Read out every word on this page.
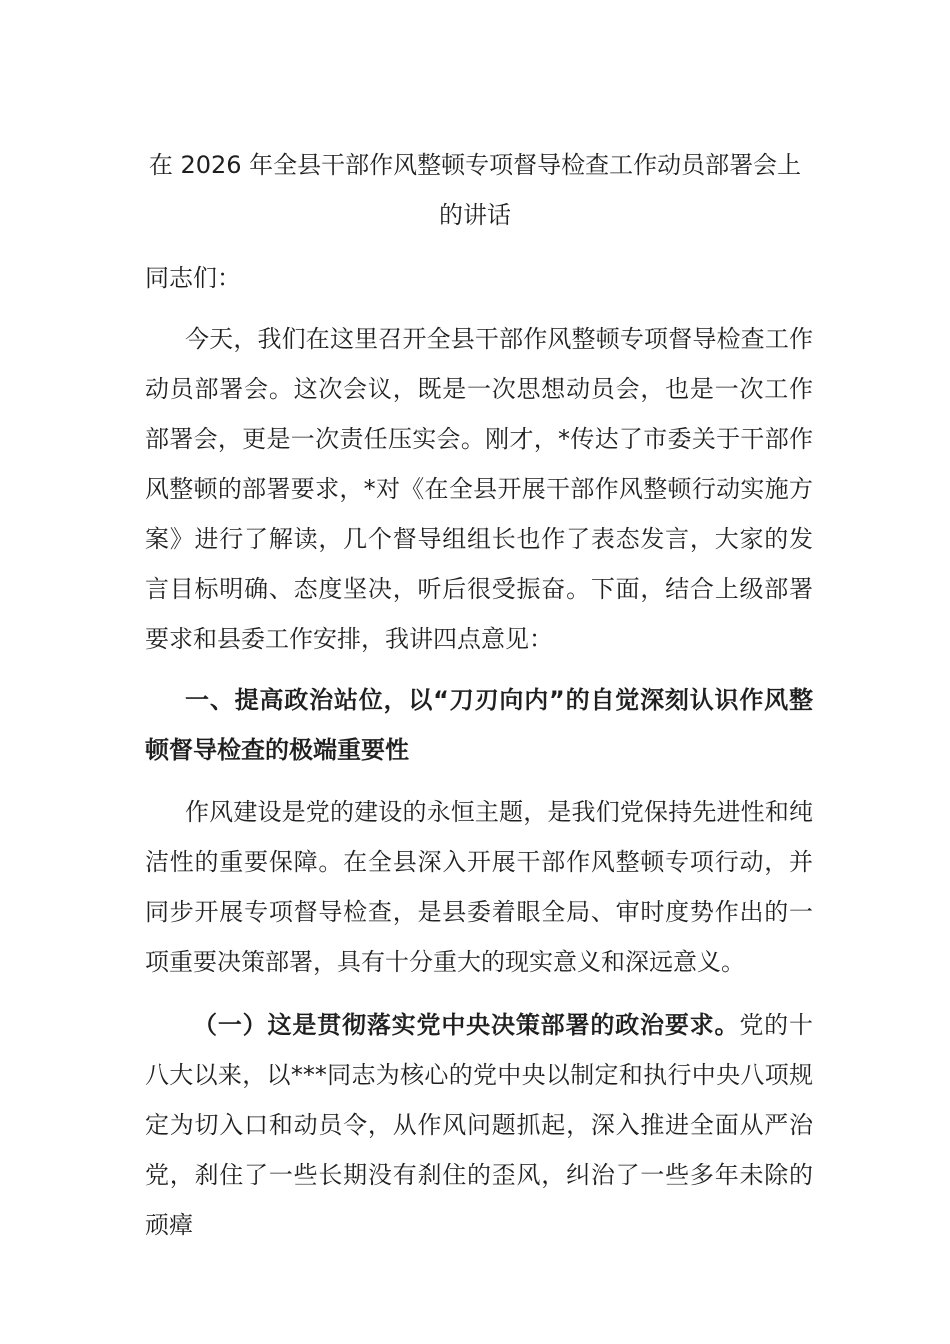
在 2026 年全县干部作风整顿专项督导检查工作动员部署会上的讲话

同志们：

今天，我们在这里召开全县干部作风整顿专项督导检查工作动员部署会。这次会议，既是一次思想动员会，也是一次工作部署会，更是一次责任压实会。刚才，*传达了市委关于干部作风整顿的部署要求，*对《在全县开展干部作风整顿行动实施方案》进行了解读，几个督导组组长也作了表态发言，大家的发言目标明确、态度坚决，听后很受振奋。下面，结合上级部署要求和县委工作安排，我讲四点意见：

一、提高政治站位，以“刀刃向内”的自觉深刻认识作风整顿督导检查的极端重要性

作风建设是党的建设的永恒主题，是我们党保持先进性和纯洁性的重要保障。在全县深入开展干部作风整顿专项行动，并同步开展专项督导检查，是县委着眼全局、审时度势作出的一项重要决策部署，具有十分重大的现实意义和深远意义。

（一）这是贯彻落实党中央决策部署的政治要求。党的十八大以来，以***同志为核心的党中央以制定和执行中央八项规定为切入口和动员令，从作风问题抓起，深入推进全面从严治党，刹住了一些长期没有刹住的歪风，纠治了一些多年未除的顽瘴
